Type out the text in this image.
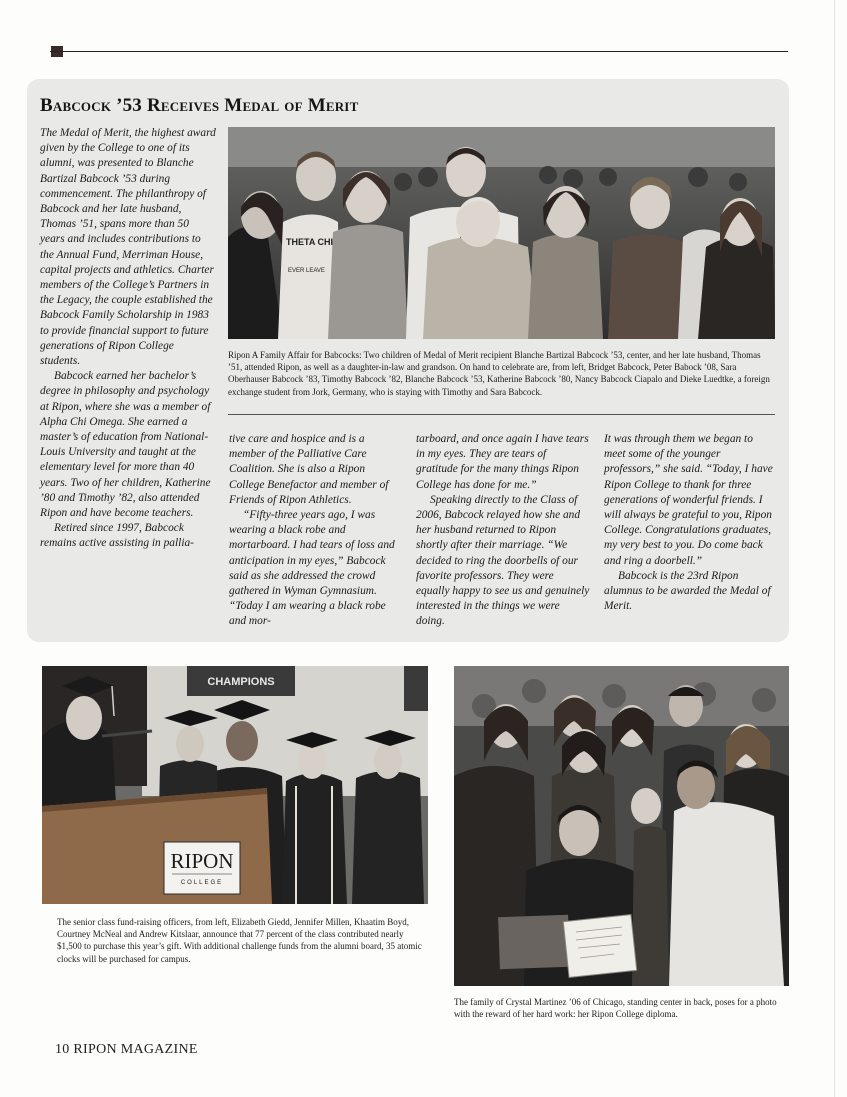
Babcock ’53 Receives Medal of Merit

The Medal of Merit, the highest award given by the College to one of its alumni, was presented to Blanche Bartizal Babcock ’53 during commencement. The philanthropy of Babcock and her late husband, Thomas ’51, spans more than 50 years and includes contributions to the Annual Fund, Merriman House, capital projects and athletics. Charter members of the College’s Partners in the Legacy, the couple established the Babcock Family Scholarship in 1983 to provide financial support to future generations of Ripon College students.

Babcock earned her bachelor’s degree in philosophy and psychology at Ripon, where she was a member of Alpha Chi Omega. She earned a master’s of education from National-Louis University and taught at the elementary level for more than 40 years. Two of her children, Katherine ’80 and Timothy ’82, also attended Ripon and have become teachers.

Retired since 1997, Babcock remains active assisting in pallia-

THETA CHI
EVER LEAVE
Ripon A Family Affair for Babcocks: Two children of Medal of Merit recipient Blanche Bartizal Babcock ’53, center, and her late husband, Thomas ’51, attended Ripon, as well as a daughter-in-law and grandson. On hand to celebrate are, from left, Bridget Babcock, Peter Babock ’08, Sara Oberhauser Babcock ’83, Timothy Babcock ’82, Blanche Babcock ’53, Katherine Babcock ’80, Nancy Babcock Ciapalo and Dieke Luedtke, a foreign exchange student from Jork, Germany, who is staying with Timothy and Sara Babcock.

tive care and hospice and is a member of the Palliative Care Coalition. She is also a Ripon College Benefactor and member of Friends of Ripon Athletics.

“Fifty-three years ago, I was wearing a black robe and mortarboard. I had tears of loss and anticipation in my eyes,” Babcock said as she addressed the crowd gathered in Wyman Gymnasium. “Today I am wearing a black robe and mor-

tarboard, and once again I have tears in my eyes. They are tears of gratitude for the many things Ripon College has done for me.”

Speaking directly to the Class of 2006, Babcock relayed how she and her husband returned to Ripon shortly after their marriage. “We decided to ring the doorbells of our favorite professors. They were equally happy to see us and genuinely interested in the things we were doing.

It was through them we began to meet some of the younger professors,” she said. “Today, I have Ripon College to thank for three generations of wonderful friends. I will always be grateful to you, Ripon College. Congratulations graduates, my very best to you. Do come back and ring a doorbell.”

Babcock is the 23rd Ripon alumnus to be awarded the Medal of Merit.

CHAMPIONS
RIPON
COLLEGE
The senior class fund-raising officers, from left, Elizabeth Giedd, Jennifer Millen, Khaatim Boyd, Courtney McNeal and Andrew Kitslaar, announce that 77 percent of the class contributed nearly $1,500 to purchase this year’s gift. With additional challenge funds from the alumni board, 35 atomic clocks will be purchased for campus.
The family of Crystal Martinez ’06 of Chicago, standing center in back, poses for a photo with the reward of her hard work: her Ripon College diploma.
10 RIPON MAGAZINE
